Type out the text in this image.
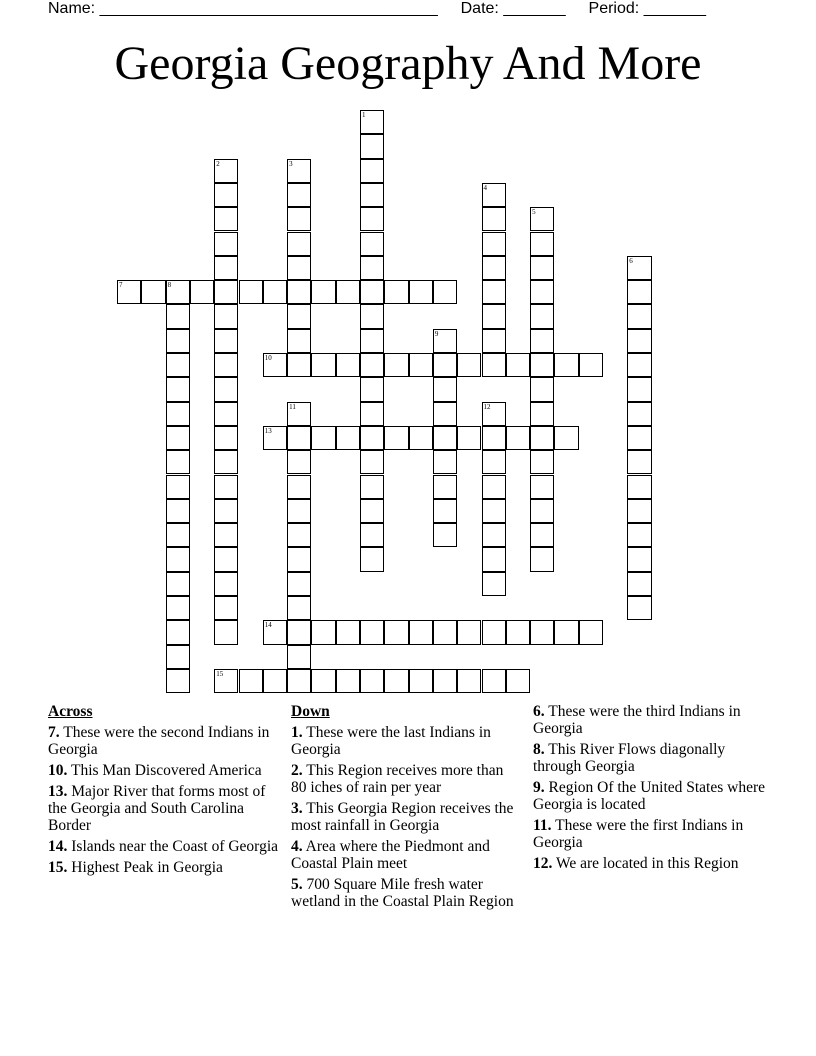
Name: ______________________________________ Date: _______ Period: _______
Georgia Geography And More
1
2	3
4
5
6
7	8
9
10
11	12
13
14
15
Across
7. These were the second Indians in Georgia
10. This Man Discovered America
13. Major River that forms most of the Georgia and South Carolina Border
14. Islands near the Coast of Georgia
15. Highest Peak in Georgia
Down
1. These were the last Indians in Georgia
2. This Region receives more than 80 iches of rain per year
3. This Georgia Region receives the most rainfall in Georgia
4. Area where the Piedmont and Coastal Plain meet
5. 700 Square Mile fresh water wetland in the Coastal Plain Region
6. These were the third Indians in Georgia
8. This River Flows diagonally through Georgia
9. Region Of the United States where Georgia is located
11. These were the first Indians in Georgia
12. We are located in this Region
